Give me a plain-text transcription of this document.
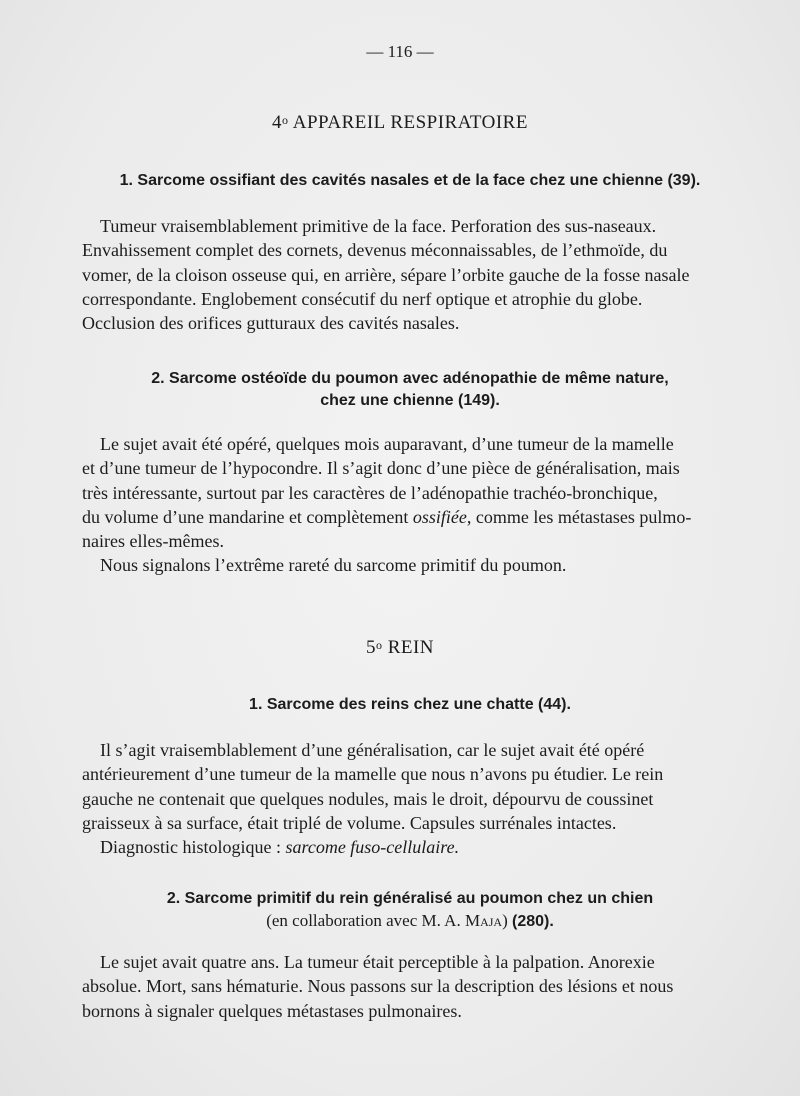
— 116 —
4$^o$ APPAREIL RESPIRATOIRE
1. Sarcome ossifiant des cavités nasales et de la face chez une chienne (39).
Tumeur vraisemblablement primitive de la face. Perforation des sus-naseaux.
Envahissement complet des cornets, devenus méconnaissables, de l’ethmoïde, du
vomer, de la cloison osseuse qui, en arrière, sépare l’orbite gauche de la fosse nasale
correspondante. Englobement consécutif du nerf optique et atrophie du globe.
Occlusion des orifices gutturaux des cavités nasales.
2. Sarcome ostéoïde du poumon avec adénopathie de même nature,
chez une chienne (149).
Le sujet avait été opéré, quelques mois auparavant, d’une tumeur de la mamelle
et d’une tumeur de l’hypocondre. Il s’agit donc d’une pièce de généralisation, mais
très intéressante, surtout par les caractères de l’adénopathie trachéo-bronchique,
du volume d’une mandarine et complètement ossifiée, comme les métastases pulmo-
naires elles-mêmes.
Nous signalons l’extrême rareté du sarcome primitif du poumon.
5$^o$ REIN
1. Sarcome des reins chez une chatte (44).
Il s’agit vraisemblablement d’une généralisation, car le sujet avait été opéré
antérieurement d’une tumeur de la mamelle que nous n’avons pu étudier. Le rein
gauche ne contenait que quelques nodules, mais le droit, dépourvu de coussinet
graisseux à sa surface, était triplé de volume. Capsules surrénales intactes.
Diagnostic histologique : sarcome fuso-cellulaire.
2. Sarcome primitif du rein généralisé au poumon chez un chien
(en collaboration avec M. A. Maja) (280).
Le sujet avait quatre ans. La tumeur était perceptible à la palpation. Anorexie
absolue. Mort, sans hématurie. Nous passons sur la description des lésions et nous
bornons à signaler quelques métastases pulmonaires.
